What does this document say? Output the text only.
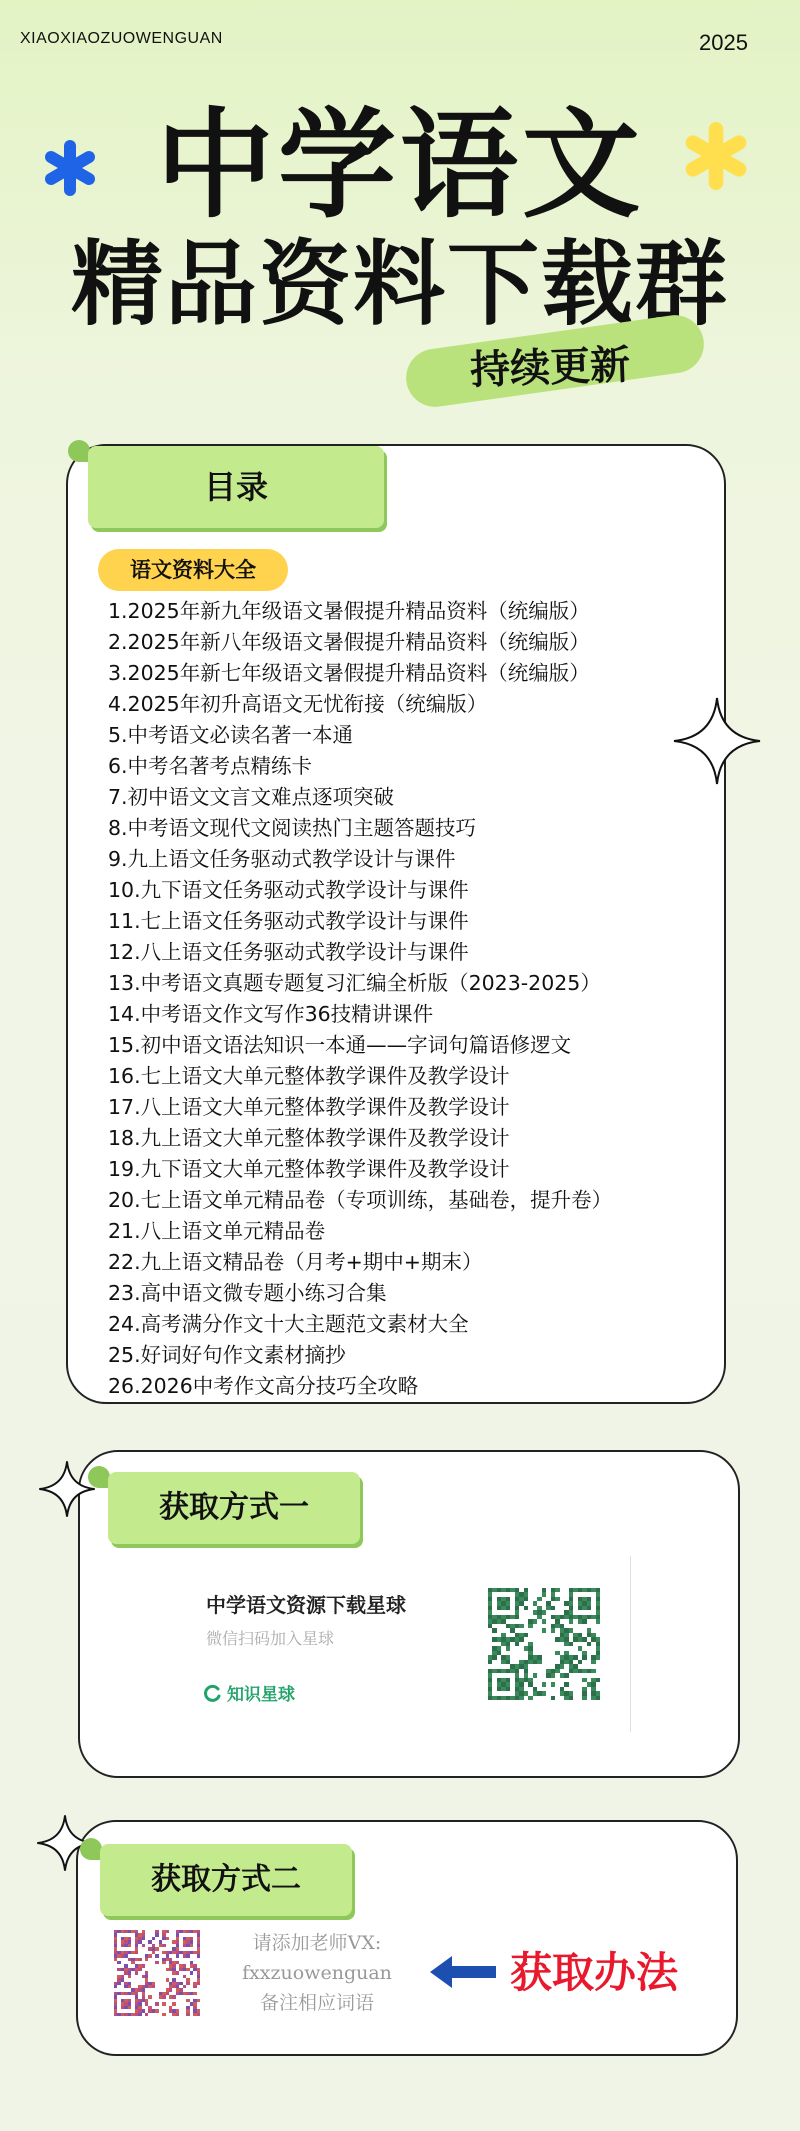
XIAOXIAOZUOWENGUAN	2025
中学语文
精品资料下载群
持续更新
目录
语文资料大全
1.2025年新九年级语文暑假提升精品资料（统编版）
2.2025年新八年级语文暑假提升精品资料（统编版）
3.2025年新七年级语文暑假提升精品资料（统编版）
4.2025年初升高语文无忧衔接（统编版）
5.中考语文必读名著一本通
6.中考名著考点精练卡
7.初中语文文言文难点逐项突破
8.中考语文现代文阅读热门主题答题技巧
9.九上语文任务驱动式教学设计与课件
10.九下语文任务驱动式教学设计与课件
11.七上语文任务驱动式教学设计与课件
12.八上语文任务驱动式教学设计与课件
13.中考语文真题专题复习汇编全析版（2023-2025）
14.中考语文作文写作36技精讲课件
15.初中语文语法知识一本通——字词句篇语修逻文
16.七上语文大单元整体教学课件及教学设计
17.八上语文大单元整体教学课件及教学设计
18.九上语文大单元整体教学课件及教学设计
19.九下语文大单元整体教学课件及教学设计
20.七上语文单元精品卷（专项训练，基础卷，提升卷）
21.八上语文单元精品卷
22.九上语文精品卷（月考+期中+期末）
23.高中语文微专题小练习合集
24.高考满分作文十大主题范文素材大全
25.好词好句作文素材摘抄
26.2026中考作文高分技巧全攻略
获取方式一
中学语文资源下载星球
微信扫码加入星球
知识星球
获取方式二
请添加老师VX:
fxxzuowenguan
备注相应词语
获取办法
